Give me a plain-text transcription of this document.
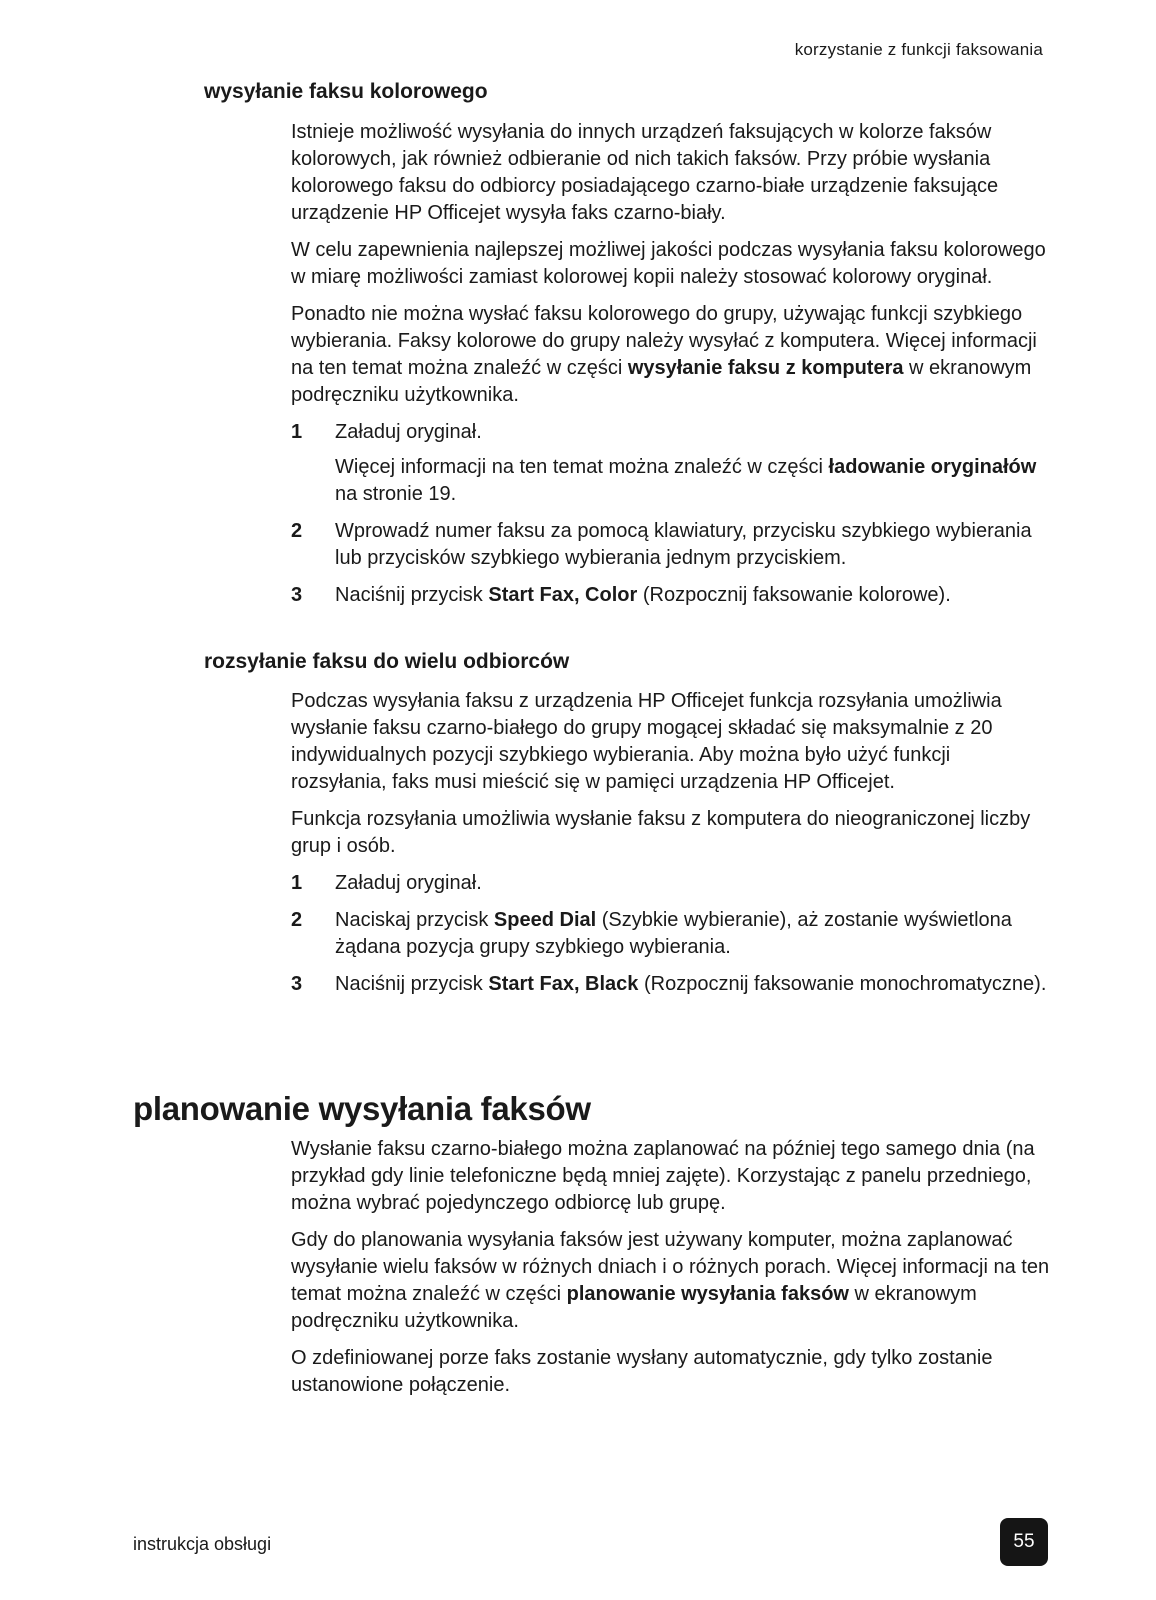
korzystanie z funkcji faksowania
wysyłanie faksu kolorowego

Istnieje możliwość wysyłania do innych urządzeń faksujących w kolorze faksów kolorowych, jak również odbieranie od nich takich faksów. Przy próbie wysłania kolorowego faksu do odbiorcy posiadającego czarno-białe urządzenie faksujące urządzenie HP Officejet wysyła faks czarno-biały.

W celu zapewnienia najlepszej możliwej jakości podczas wysyłania faksu kolorowego w miarę możliwości zamiast kolorowej kopii należy stosować kolorowy oryginał.

Ponadto nie można wysłać faksu kolorowego do grupy, używając funkcji szybkiego wybierania. Faksy kolorowe do grupy należy wysyłać z komputera. Więcej informacji na ten temat można znaleźć w części wysyłanie faksu z komputera w ekranowym podręczniku użytkownika.

1	Załaduj oryginał.

Więcej informacji na ten temat można znaleźć w części ładowanie oryginałów na stronie 19.

2	Wprowadź numer faksu za pomocą klawiatury, przycisku szybkiego wybierania lub przycisków szybkiego wybierania jednym przyciskiem.

3	Naciśnij przycisk Start Fax, Color (Rozpocznij faksowanie kolorowe).

rozsyłanie faksu do wielu odbiorców

Podczas wysyłania faksu z urządzenia HP Officejet funkcja rozsyłania umożliwia wysłanie faksu czarno-białego do grupy mogącej składać się maksymalnie z 20 indywidualnych pozycji szybkiego wybierania. Aby można było użyć funkcji rozsyłania, faks musi mieścić się w pamięci urządzenia HP Officejet.

Funkcja rozsyłania umożliwia wysłanie faksu z komputera do nieograniczonej liczby grup i osób.

1	Załaduj oryginał.

2	Naciskaj przycisk Speed Dial (Szybkie wybieranie), aż zostanie wyświetlona żądana pozycja grupy szybkiego wybierania.

3	Naciśnij przycisk Start Fax, Black (Rozpocznij faksowanie monochromatyczne).

planowanie wysyłania faksów

Wysłanie faksu czarno-białego można zaplanować na później tego samego dnia (na przykład gdy linie telefoniczne będą mniej zajęte). Korzystając z panelu przedniego, można wybrać pojedynczego odbiorcę lub grupę.

Gdy do planowania wysyłania faksów jest używany komputer, można zaplanować wysyłanie wielu faksów w różnych dniach i o różnych porach. Więcej informacji na ten temat można znaleźć w części planowanie wysyłania faksów w ekranowym podręczniku użytkownika.

O zdefiniowanej porze faks zostanie wysłany automatycznie, gdy tylko zostanie ustanowione połączenie.

instrukcja obsługi	55
